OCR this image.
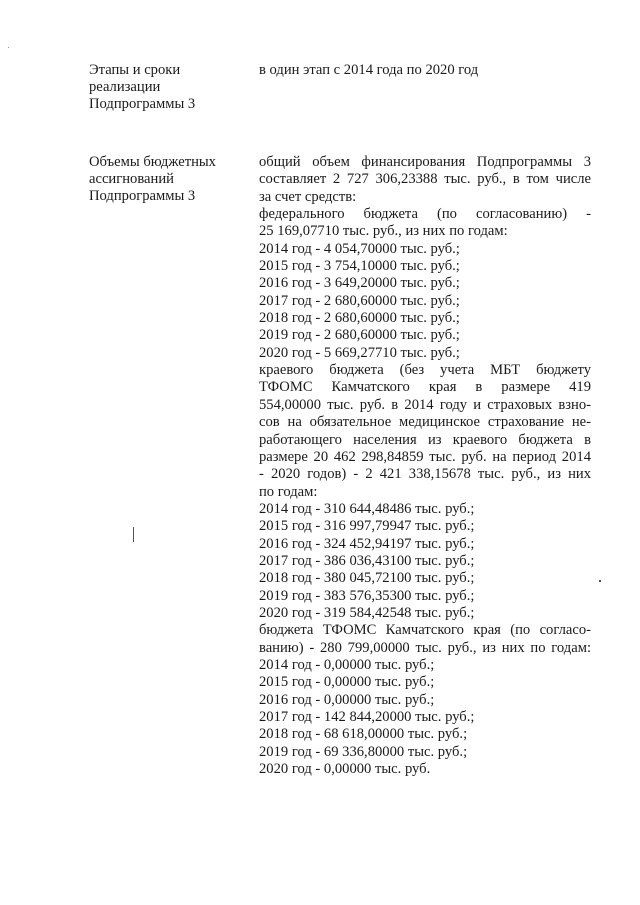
Этапы и сроки
реализации
Подпрограммы 3
в один этап с 2014 года по 2020 год
Объемы бюджетных
ассигнований
Подпрограммы 3
общий объем финансирования Подпрограммы 3
составляет 2 727 306,23388 тыс. руб., в том числе
за счет средств:
федерального бюджета (по согласованию) -
25 169,07710 тыс. руб., из них по годам:
2014 год - 4 054,70000 тыс. руб.;
2015 год - 3 754,10000 тыс. руб.;
2016 год - 3 649,20000 тыс. руб.;
2017 год - 2 680,60000 тыс. руб.;
2018 год - 2 680,60000 тыс. руб.;
2019 год - 2 680,60000 тыс. руб.;
2020 год - 5 669,27710 тыс. руб.;
краевого бюджета (без учета МБТ бюджету
ТФОМС Камчатского края в размере 419
554,00000 тыс. руб. в 2014 году и страховых взно-
сов на обязательное медицинское страхование не-
работающего населения из краевого бюджета в
размере 20 462 298,84859 тыс. руб. на период 2014
- 2020 годов) - 2 421 338,15678 тыс. руб., из них
по годам:
2014 год - 310 644,48486 тыс. руб.;
2015 год - 316 997,79947 тыс. руб.;
2016 год - 324 452,94197 тыс. руб.;
2017 год - 386 036,43100 тыс. руб.;
2018 год - 380 045,72100 тыс. руб.;
2019 год - 383 576,35300 тыс. руб.;
2020 год - 319 584,42548 тыс. руб.;
бюджета ТФОМС Камчатского края (по согласо-
ванию) - 280 799,00000 тыс. руб., из них по годам:
2014 год - 0,00000 тыс. руб.;
2015 год - 0,00000 тыс. руб.;
2016 год - 0,00000 тыс. руб.;
2017 год - 142 844,20000 тыс. руб.;
2018 год - 68 618,00000 тыс. руб.;
2019 год - 69 336,80000 тыс. руб.;
2020 год - 0,00000 тыс. руб.
